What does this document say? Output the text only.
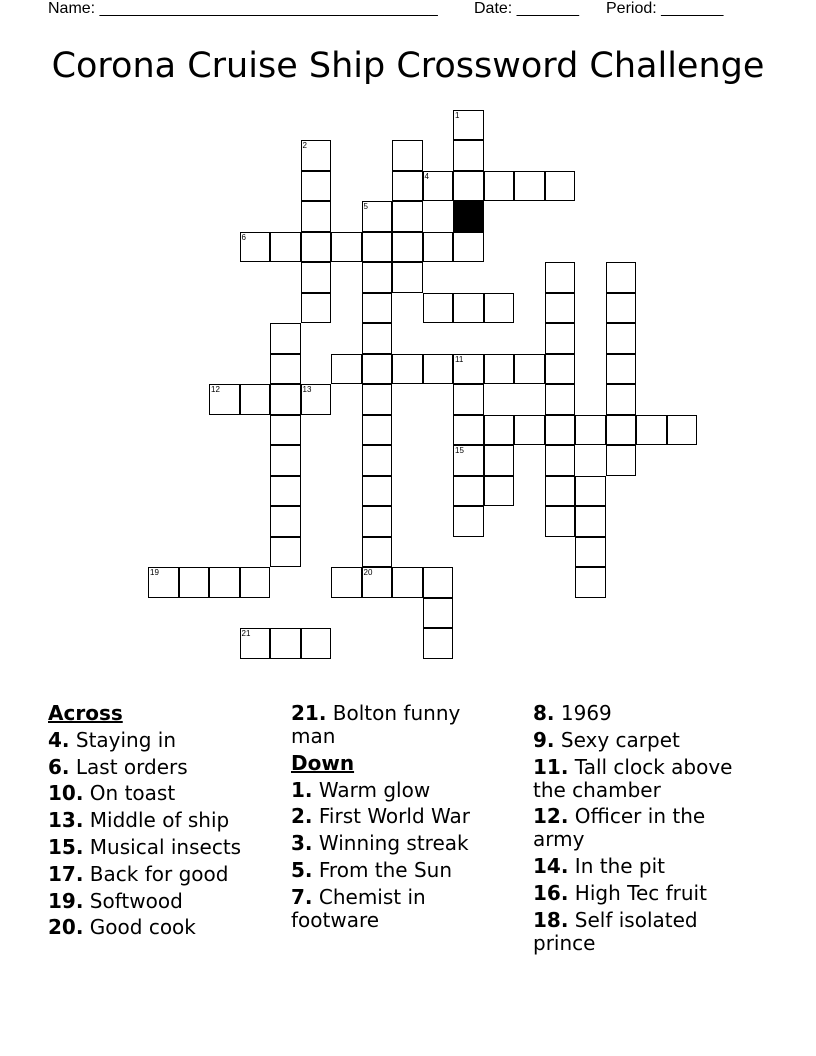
Name: ______________________________________ Date: _______ Period: _______
Corona Cruise Ship Crossword Challenge
1
2
4
5
6
11
15
12	13
19	20
21
Across
4. Staying in
6. Last orders
10. On toast
13. Middle of ship
15. Musical insects
17. Back for good
19. Softwood
20. Good cook
21. Bolton funny man
Down
1. Warm glow
2. First World War
3. Winning streak
5. From the Sun
7. Chemist in footware
8. 1969
9. Sexy carpet
11. Tall clock above the chamber
12. Officer in the army
14. In the pit
16. High Tec fruit
18. Self isolated prince
